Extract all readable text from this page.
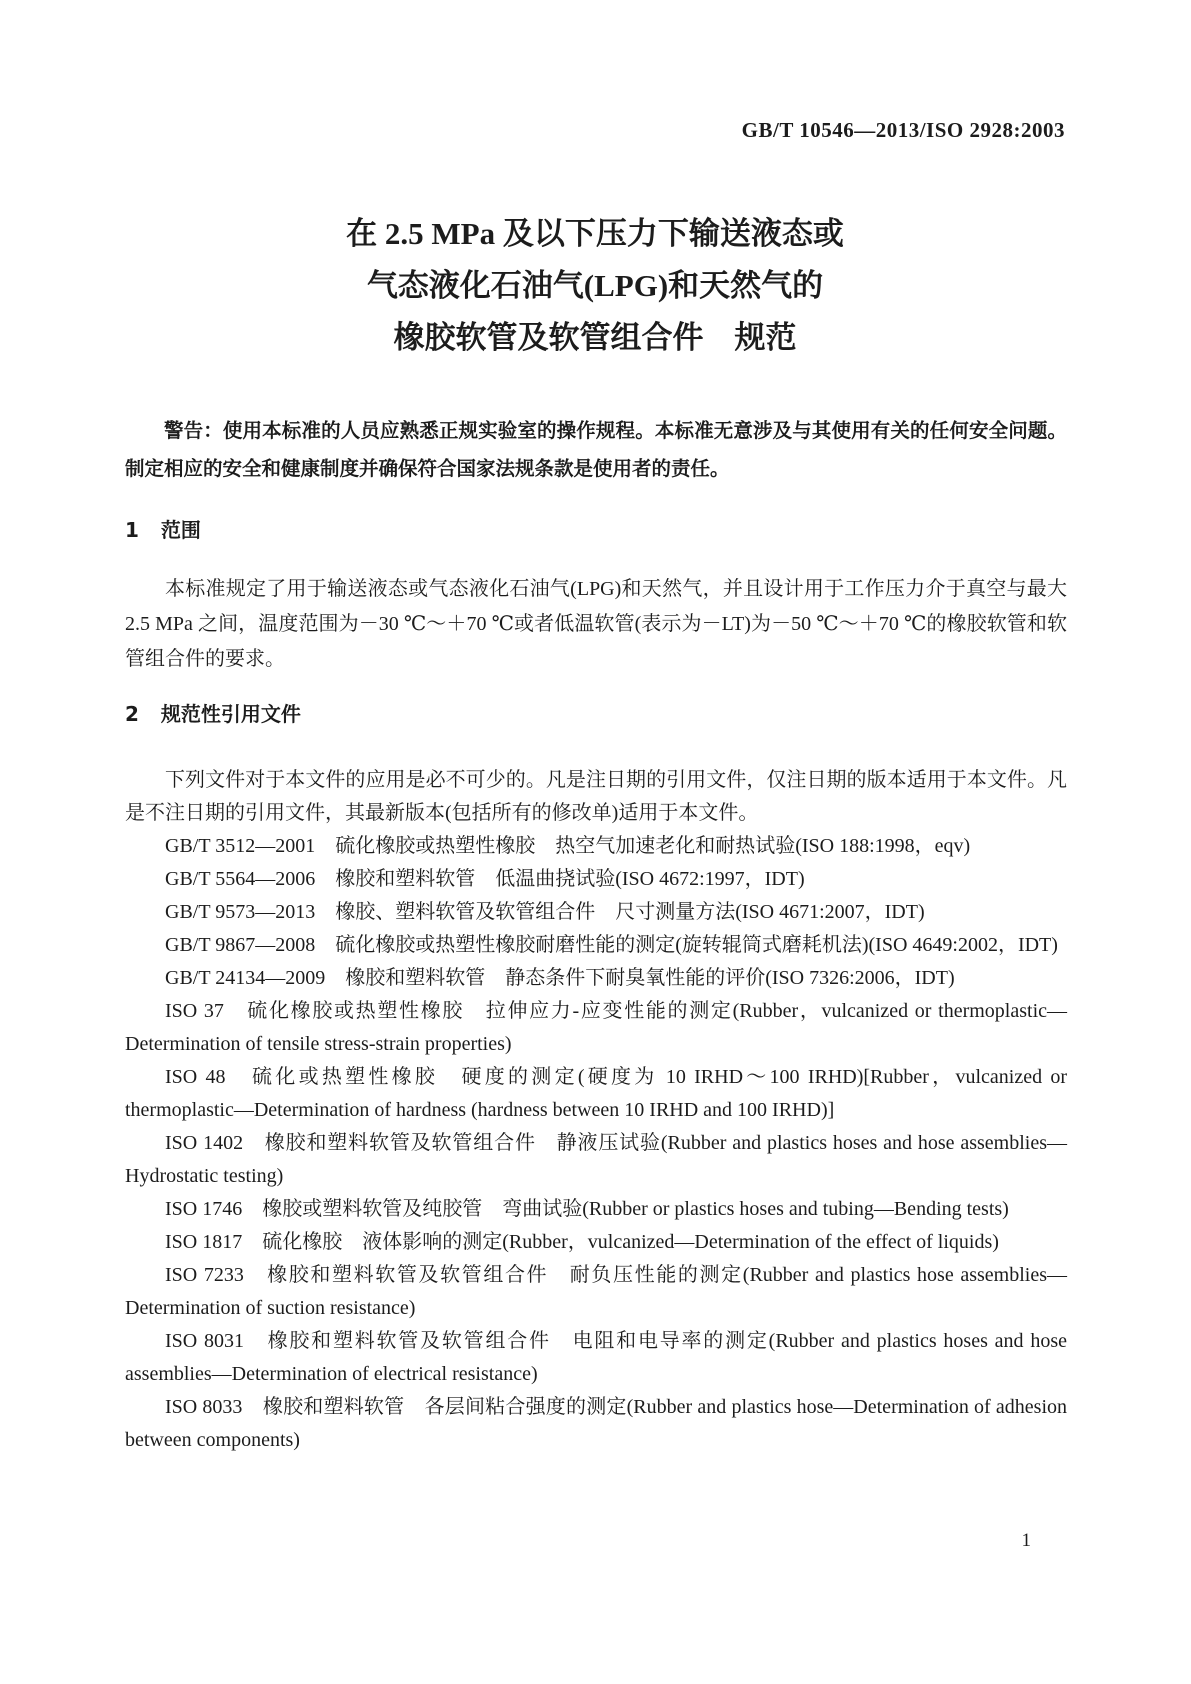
GB/T 10546—2013/ISO 2928:2003
在 2.5 MPa 及以下压力下输送液态或
气态液化石油气(LPG)和天然气的
橡胶软管及软管组合件　规范

警告：使用本标准的人员应熟悉正规实验室的操作规程。本标准无意涉及与其使用有关的任何安全问题。制定相应的安全和健康制度并确保符合国家法规条款是使用者的责任。

1 范围

本标准规定了用于输送液态或气态液化石油气(LPG)和天然气，并且设计用于工作压力介于真空与最大 2.5 MPa 之间，温度范围为－30 ℃～＋70 ℃或者低温软管(表示为－LT)为－50 ℃～＋70 ℃的橡胶软管和软管组合件的要求。

2 规范性引用文件

下列文件对于本文件的应用是必不可少的。凡是注日期的引用文件，仅注日期的版本适用于本文件。凡是不注日期的引用文件，其最新版本(包括所有的修改单)适用于本文件。

GB/T 3512—2001　硫化橡胶或热塑性橡胶　热空气加速老化和耐热试验(ISO 188:1998，eqv)

GB/T 5564—2006　橡胶和塑料软管　低温曲挠试验(ISO 4672:1997，IDT)

GB/T 9573—2013　橡胶、塑料软管及软管组合件　尺寸测量方法(ISO 4671:2007，IDT)

GB/T 9867—2008　硫化橡胶或热塑性橡胶耐磨性能的测定(旋转辊筒式磨耗机法)(ISO 4649:2002，IDT)

GB/T 24134—2009　橡胶和塑料软管　静态条件下耐臭氧性能的评价(ISO 7326:2006，IDT)

ISO 37　硫化橡胶或热塑性橡胶　拉伸应力-应变性能的测定(Rubber，vulcanized or thermoplastic—Determination of tensile stress-strain properties)

ISO 48　硫化或热塑性橡胶　硬度的测定(硬度为 10 IRHD～100 IRHD)[Rubber，vulcanized or thermoplastic—Determination of hardness (hardness between 10 IRHD and 100 IRHD)]

ISO 1402　橡胶和塑料软管及软管组合件　静液压试验(Rubber and plastics hoses and hose assemblies—Hydrostatic testing)

ISO 1746　橡胶或塑料软管及纯胶管　弯曲试验(Rubber or plastics hoses and tubing—Bending tests)

ISO 1817　硫化橡胶　液体影响的测定(Rubber，vulcanized—Determination of the effect of liquids)

ISO 7233　橡胶和塑料软管及软管组合件　耐负压性能的测定(Rubber and plastics hose assemblies—Determination of suction resistance)

ISO 8031　橡胶和塑料软管及软管组合件　电阻和电导率的测定(Rubber and plastics hoses and hose assemblies—Determination of electrical resistance)

ISO 8033　橡胶和塑料软管　各层间粘合强度的测定(Rubber and plastics hose—Determination of adhesion between components)

1
